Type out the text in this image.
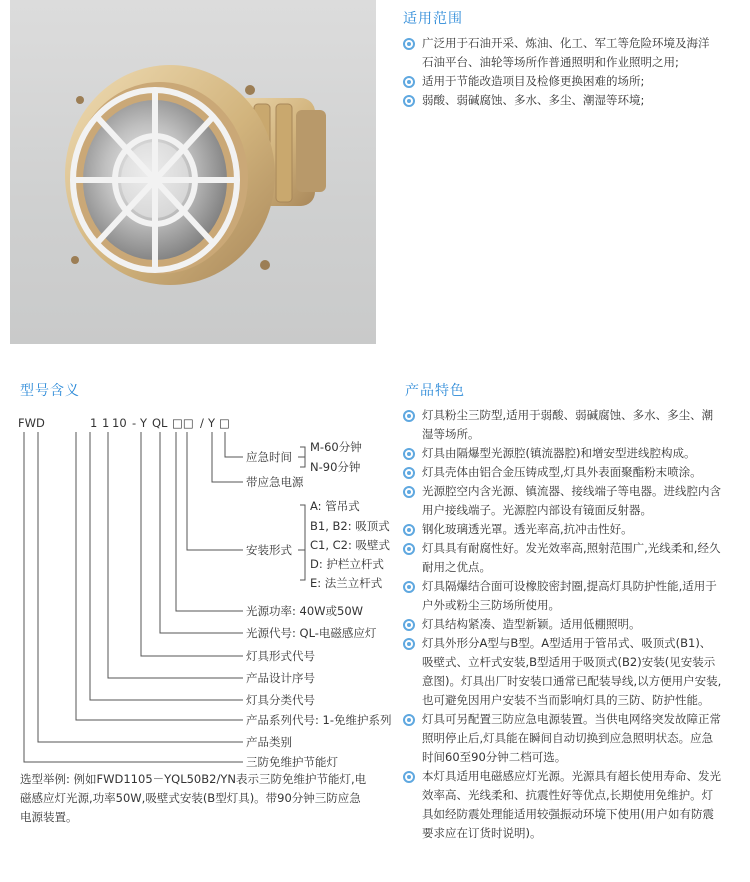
适用范围
广泛用于石油开采、炼油、化工、军工等危险环境及海洋石油平台、油轮等场所作普通照明和作业照明之用;
适用于节能改造项目及检修更换困难的场所;
弱酸、弱碱腐蚀、多水、多尘、潮湿等环境;
型号含义
FWD	1 1 10 - Y QL □□ / Y □
应急时间
M-60分钟
N-90分钟
带应急电源
安装形式
A: 管吊式
B1, B2: 吸顶式
C1, C2: 吸壁式
D: 护栏立杆式
E: 法兰立杆式
光源功率: 40W或50W
光源代号: QL-电磁感应灯
灯具形式代号
产品设计序号
灯具分类代号
产品系列代号: 1-免维护系列
产品类别
三防免维护节能灯
选型举例: 例如FWD1105－YQL50B2/YN表示三防免维护节能灯,电磁感应灯光源,功率50W,吸壁式安装(B型灯具)。带90分钟三防应急电源装置。
产品特色
灯具粉尘三防型,适用于弱酸、弱碱腐蚀、多水、多尘、潮湿等场所。
灯具由隔爆型光源腔(镇流器腔)和增安型进线腔构成。
灯具壳体由铝合金压铸成型,灯具外表面聚酯粉末喷涂。
光源腔空内含光源、镇流器、接线端子等电器。进线腔内含用户接线端子。光源腔内部设有镜面反射器。
钢化玻璃透光罩。透光率高,抗冲击性好。
灯具具有耐腐性好。发光效率高,照射范围广,光线柔和,经久耐用之优点。
灯具隔爆结合面可设橡胶密封圈,提高灯具防护性能,适用于户外或粉尘三防场所使用。
灯具结构紧凑、造型新颖。适用低棚照明。
灯具外形分A型与B型。A型适用于管吊式、吸顶式(B1)、吸壁式、立杆式安装,B型适用于吸顶式(B2)安装(见安装示意图)。灯具出厂时安装口通常已配装导线,以方便用户安装,也可避免因用户安装不当而影响灯具的三防、防护性能。
灯具可另配置三防应急电源装置。当供电网络突发故障正常照明停止后,灯具能在瞬间自动切换到应急照明状态。应急时间60至90分钟二档可选。
本灯具适用电磁感应灯光源。光源具有超长使用寿命、发光效率高、光线柔和、抗震性好等优点,长期使用免维护。灯具如经防震处理能适用较强振动环境下使用(用户如有防震要求应在订货时说明)。
